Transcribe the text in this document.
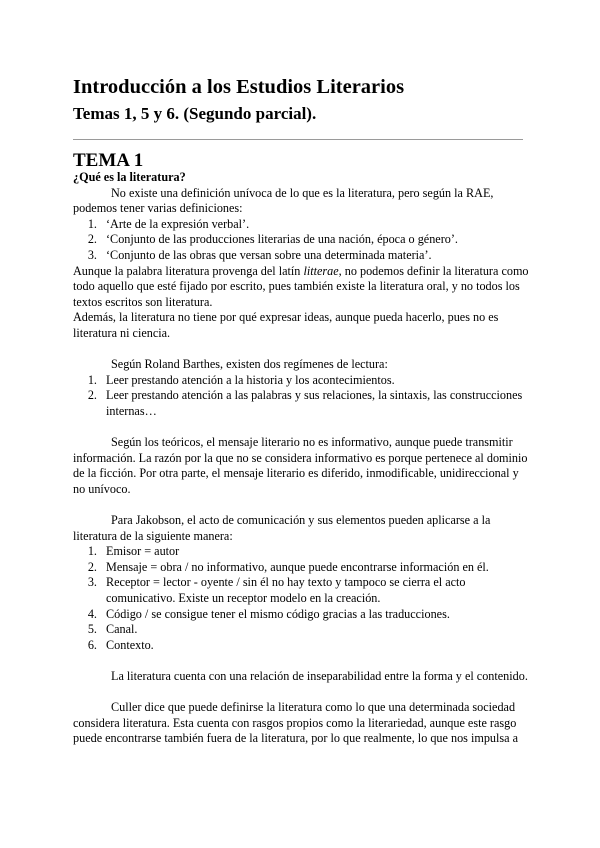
Introducción a los Estudios Literarios
Temas 1, 5 y 6. (Segundo parcial).
TEMA 1

¿Qué es la literatura?

No existe una definición unívoca de lo que es la literatura, pero según la RAE, podemos tener varias definiciones:

1. ‘Arte de la expresión verbal’.
2. ‘Conjunto de las producciones literarias de una nación, época o género’.
3. ‘Conjunto de las obras que versan sobre una determinada materia’.

Aunque la palabra literatura provenga del latín litterae, no podemos definir la literatura como todo aquello que esté fijado por escrito, pues también existe la literatura oral, y no todos los textos escritos son literatura.

Además, la literatura no tiene por qué expresar ideas, aunque pueda hacerlo, pues no es literatura ni ciencia.

Según Roland Barthes, existen dos regímenes de lectura:

1. Leer prestando atención a la historia y los acontecimientos.
2. Leer prestando atención a las palabras y sus relaciones, la sintaxis, las construcciones internas…

Según los teóricos, el mensaje literario no es informativo, aunque puede transmitir información. La razón por la que no se considera informativo es porque pertenece al dominio de la ficción. Por otra parte, el mensaje literario es diferido, inmodificable, unidireccional y no unívoco.

Para Jakobson, el acto de comunicación y sus elementos pueden aplicarse a la literatura de la siguiente manera:

1. Emisor = autor
2. Mensaje = obra / no informativo, aunque puede encontrarse información en él.
3. Receptor = lector - oyente / sin él no hay texto y tampoco se cierra el acto comunicativo. Existe un receptor modelo en la creación.
4. Código / se consigue tener el mismo código gracias a las traducciones.
5. Canal.
6. Contexto.

La literatura cuenta con una relación de inseparabilidad entre la forma y el contenido.

Culler dice que puede definirse la literatura como lo que una determinada sociedad considera literatura. Esta cuenta con rasgos propios como la literariedad, aunque este rasgo puede encontrarse también fuera de la literatura, por lo que realmente, lo que nos impulsa a
